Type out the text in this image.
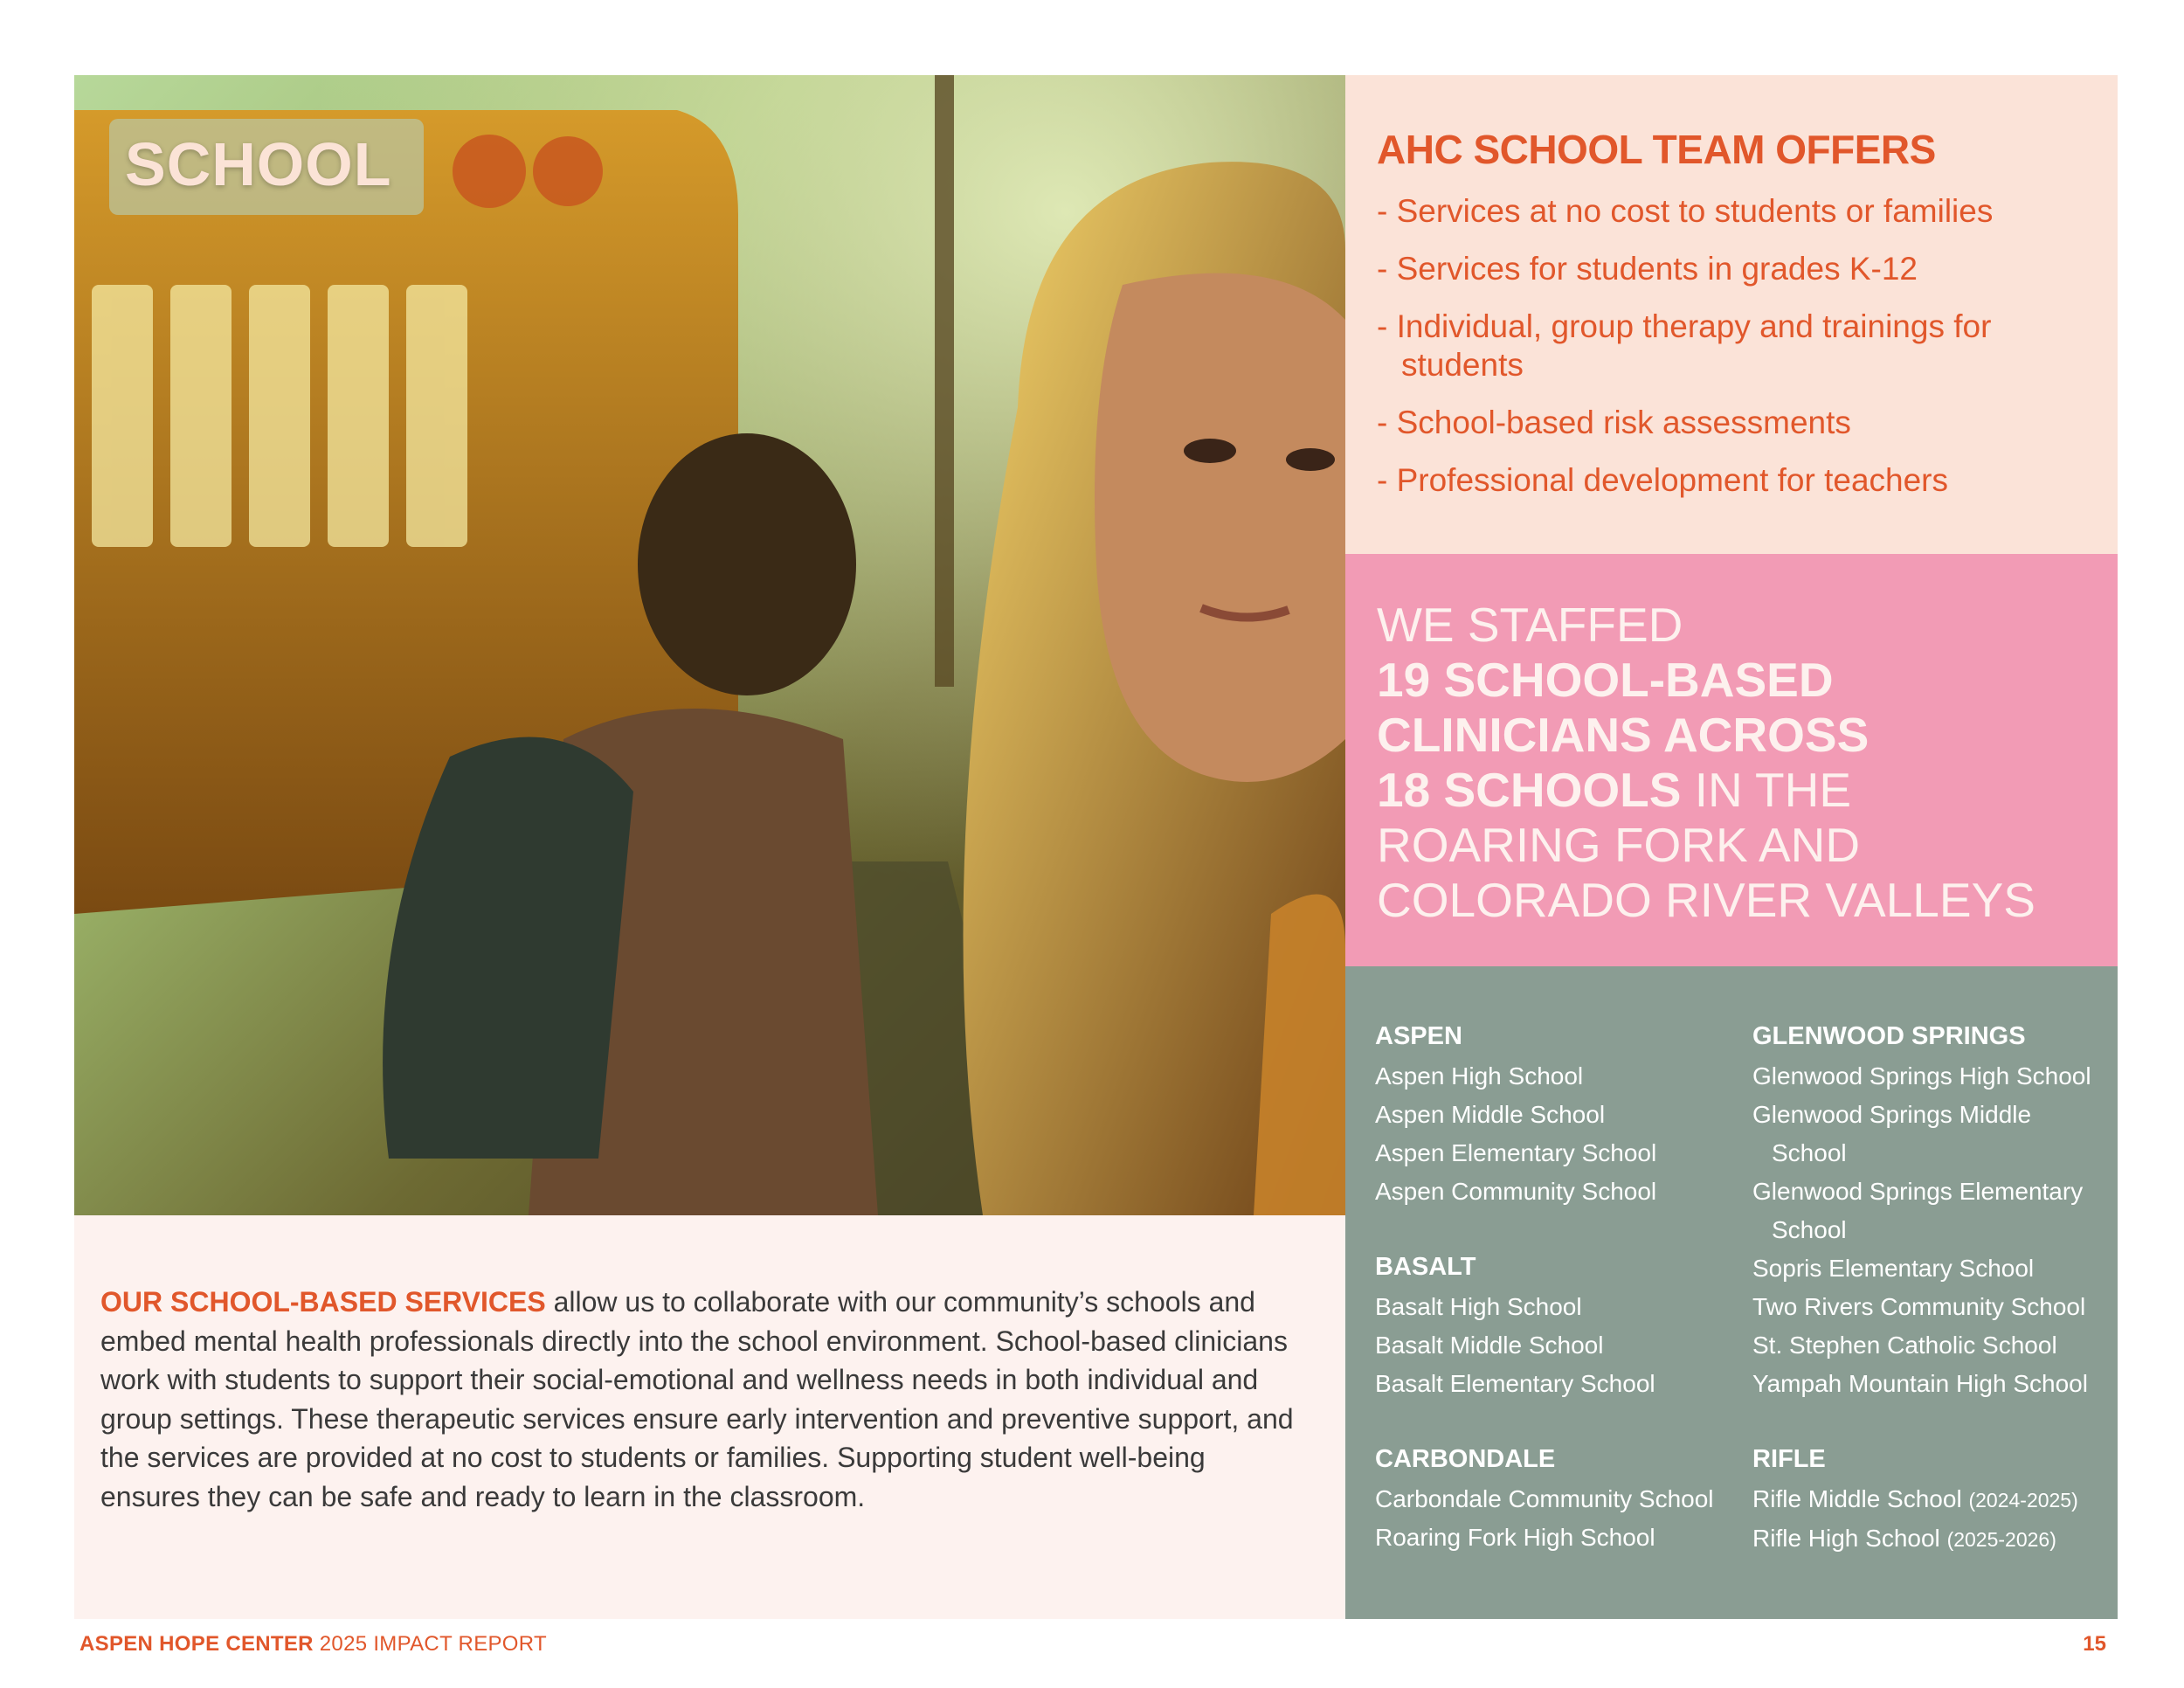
SCHOOL	AHC SCHOOL TEAM OFFERS
- Services at no cost to students or families
- Services for students in grades K-12
- Individual, group therapy and trainings for students
- School-based risk assessments
- Professional development for teachers
WE STAFFED
19 SCHOOL-BASED
CLINICIANS ACROSS
18 SCHOOLS IN THE
ROARING FORK AND
COLORADO RIVER VALLEYS
ASPEN
Aspen High School
Aspen Middle School
Aspen Elementary School
Aspen Community School
BASALT
Basalt High School
Basalt Middle School
Basalt Elementary School
CARBONDALE
Carbondale Community School
Roaring Fork High School
GLENWOOD SPRINGS
Glenwood Springs High School
Glenwood Springs Middle School
Glenwood Springs Elementary School
Sopris Elementary School
Two Rivers Community School
St. Stephen Catholic School
Yampah Mountain High School
RIFLE
Rifle Middle School (2024-2025)
Rifle High School (2025-2026)

OUR SCHOOL-BASED SERVICES allow us to collaborate with our community’s schools and embed mental health professionals directly into the school environment. School-based clinicians work with students to support their social-emotional and wellness needs in both individual and group settings. These therapeutic services ensure early intervention and preventive support, and the services are provided at no cost to students or families. Supporting student well-being ensures they can be safe and ready to learn in the classroom.

ASPEN HOPE CENTER 2025 IMPACT REPORT	15
